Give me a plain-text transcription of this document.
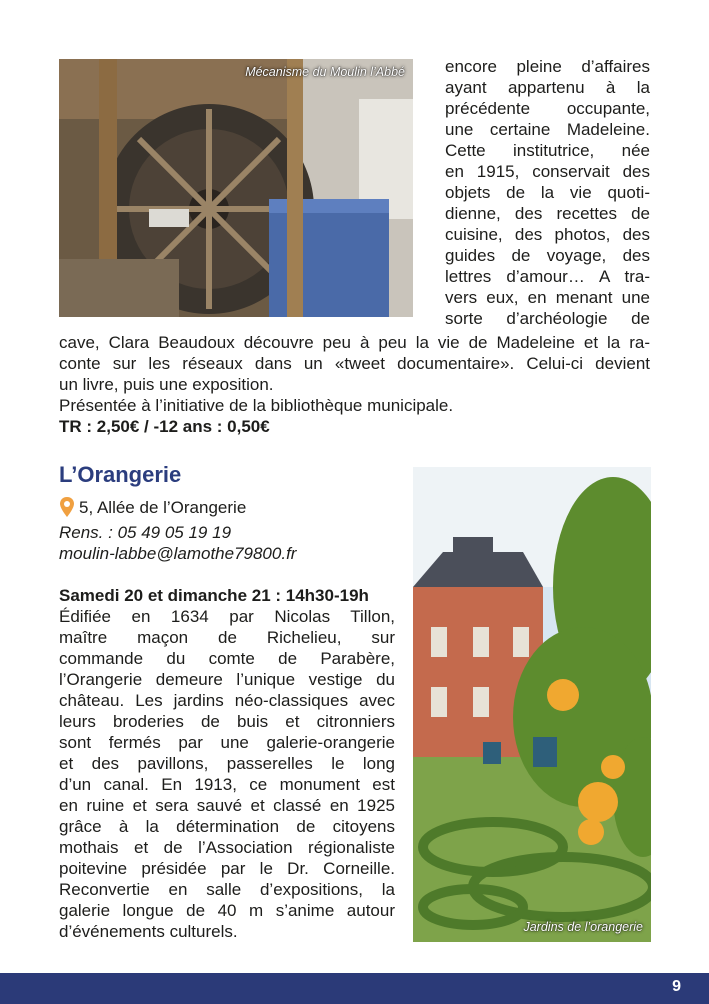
Mécanisme du Moulin l’Abbé encore pleine d’affaires
ayant appartenu à la
précédente occupante,
une certaine Madeleine.
Cette institutrice, née
en 1915, conservait des
objets de la vie quoti-
dienne, des recettes de
cuisine, des photos, des
guides de voyage, des
lettres d’amour… A tra-
vers eux, en menant une
sorte d’archéologie de
cave, Clara Beaudoux découvre peu à peu la vie de Madeleine et la ra-
conte sur les réseaux dans un «tweet documentaire». Celui-ci devient
un livre, puis une exposition.
Présentée à l’initiative de la bibliothèque municipale.
TR : 2,50€ / -12 ans : 0,50€
L’Orangerie
5, Allée de l’Orangerie
Rens. : 05 49 05 19 19
moulin-labbe@lamothe79800.fr
Samedi 20 et dimanche 21 : 14h30-19h
Édifiée en 1634 par Nicolas Tillon,
maître maçon de Richelieu, sur
commande du comte de Parabère,
l’Orangerie demeure l’unique vestige du
château. Les jardins néo-classiques avec
leurs broderies de buis et citronniers
sont fermés par une galerie-orangerie
et des pavillons, passerelles le long
d’un canal. En 1913, ce monument est
en ruine et sera sauvé et classé en 1925
grâce à la détermination de citoyens
mothais et de l’Association régionaliste
poitevine présidée par le Dr. Corneille.
Reconvertie en salle d’expositions, la
galerie longue de 40 m s’anime autour
d’événements culturels.	Jardins de l’orangerie
9
